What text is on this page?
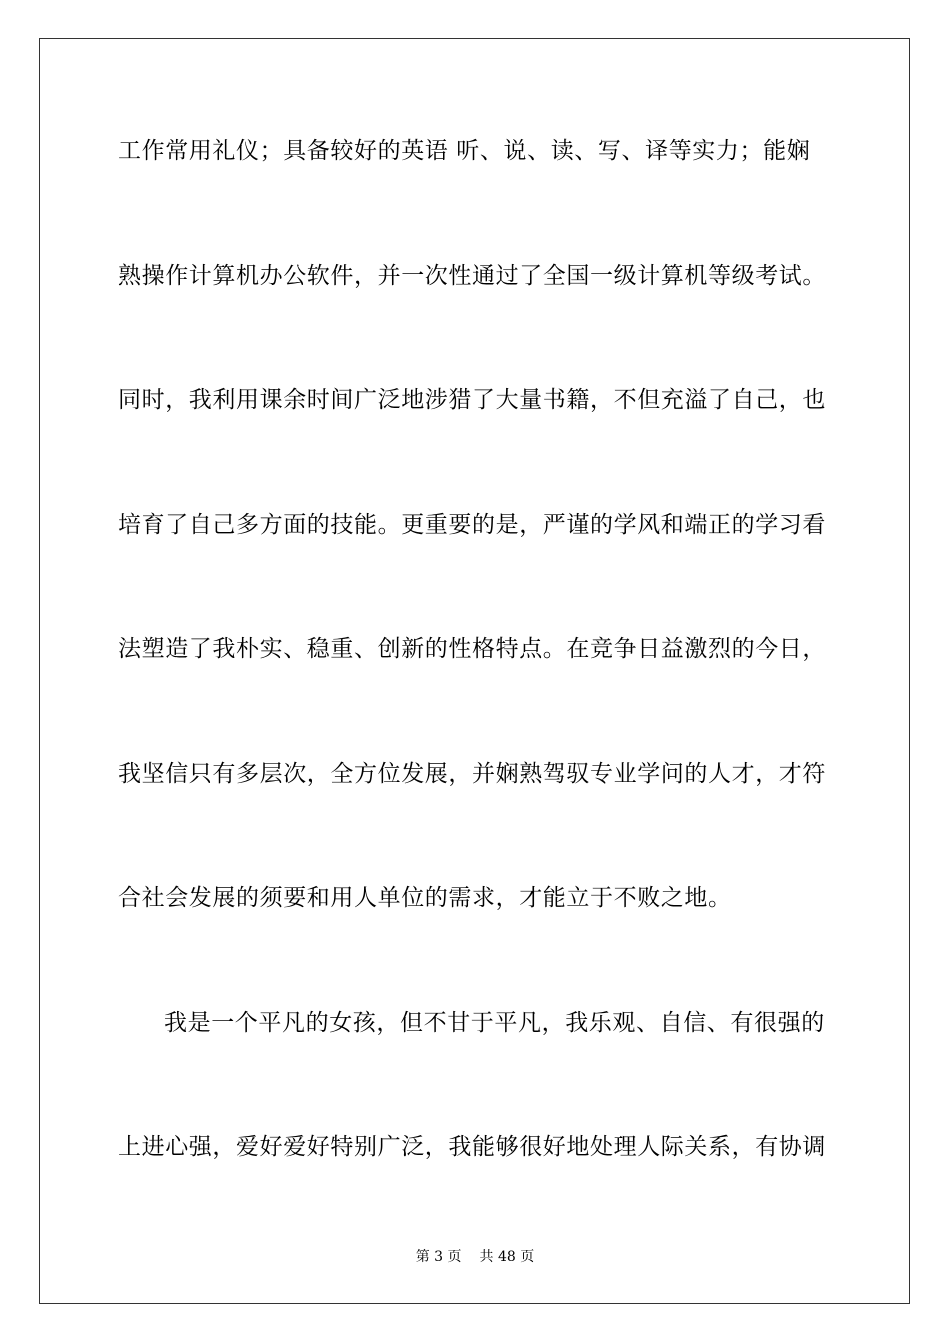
工作常用礼仪；具备较好的英语 听、说、读、写、译等实力；能娴
熟操作计算机办公软件，并一次性通过了全国一级计算机等级考试。
同时，我利用课余时间广泛地涉猎了大量书籍，不但充溢了自己，也
培育了自己多方面的技能。更重要的是，严谨的学风和端正的学习看
法塑造了我朴实、稳重、创新的性格特点。在竞争日益激烈的今日，
我坚信只有多层次，全方位发展，并娴熟驾驭专业学问的人才，才符
合社会发展的须要和用人单位的需求，才能立于不败之地。
我是一个平凡的女孩，但不甘于平凡，我乐观、自信、有很强的
上进心强，爱好爱好特别广泛，我能够很好地处理人际关系，有协调
第 3 页 共 48 页
